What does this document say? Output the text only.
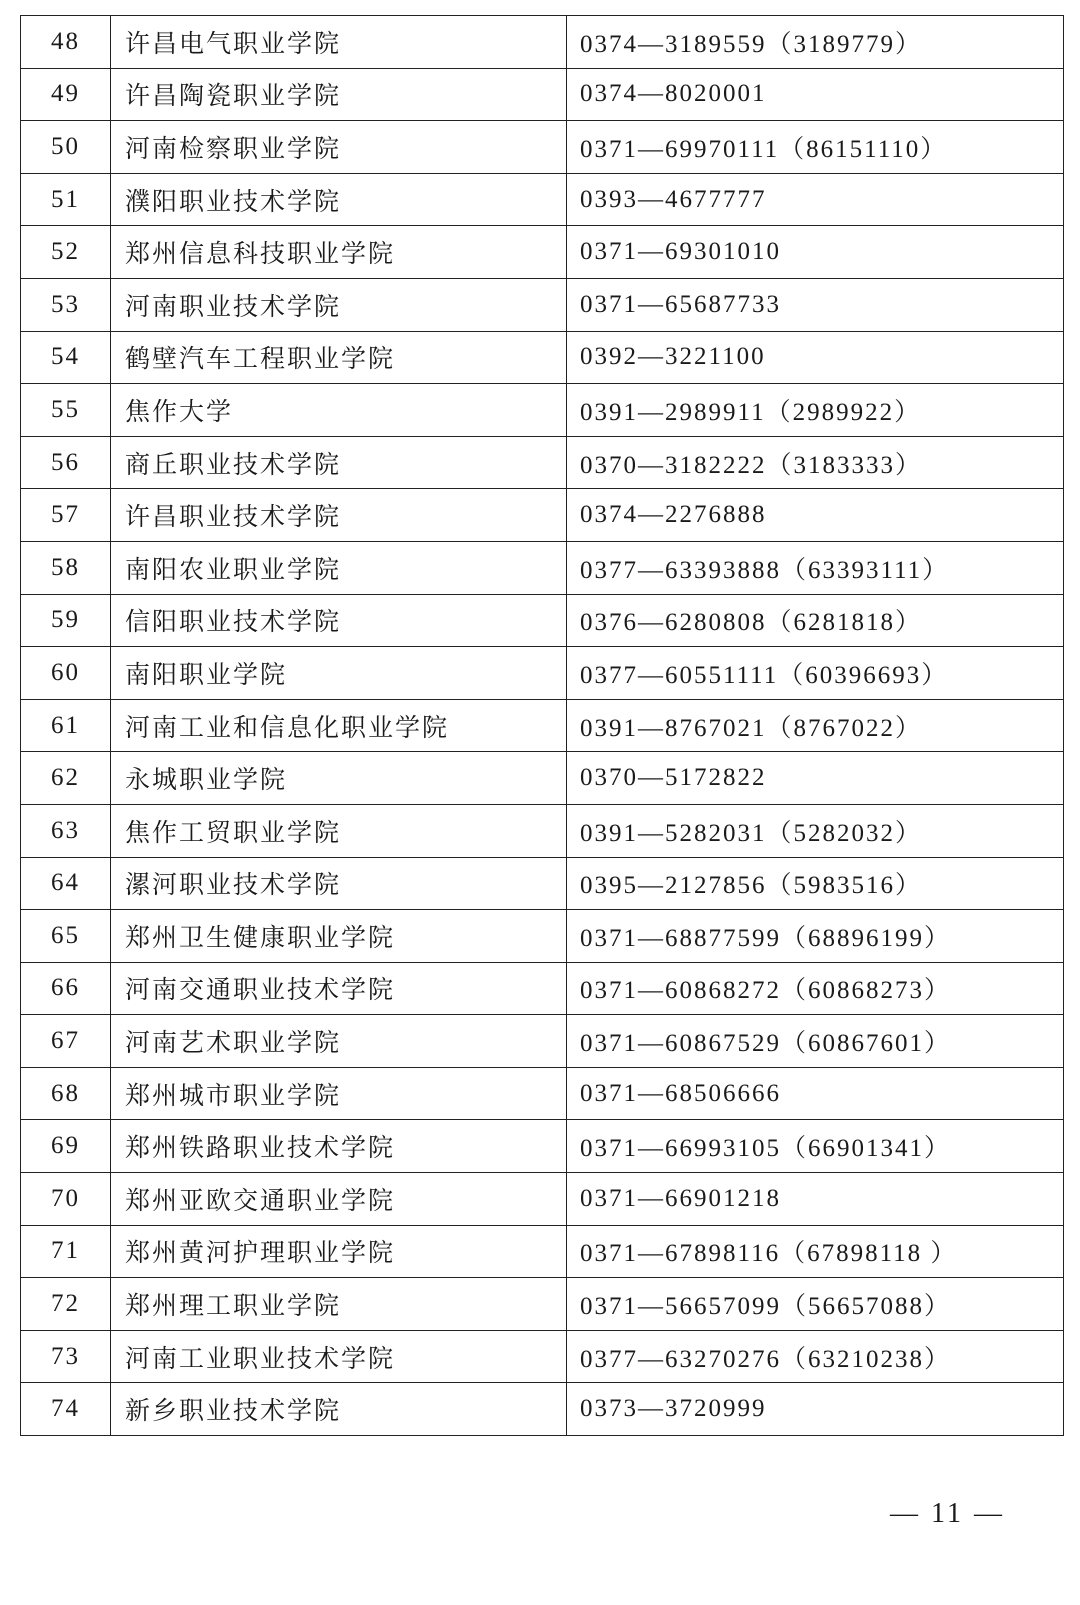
48	许昌电气职业学院	0374—3189559（3189779）
49	许昌陶瓷职业学院	0374—8020001
50	河南检察职业学院	0371—69970111（86151110）
51	濮阳职业技术学院	0393—4677777
52	郑州信息科技职业学院	0371—69301010
53	河南职业技术学院	0371—65687733
54	鹤壁汽车工程职业学院	0392—3221100
55	焦作大学	0391—2989911（2989922）
56	商丘职业技术学院	0370—3182222（3183333）
57	许昌职业技术学院	0374—2276888
58	南阳农业职业学院	0377—63393888（63393111）
59	信阳职业技术学院	0376—6280808（6281818）
60	南阳职业学院	0377—60551111（60396693）
61	河南工业和信息化职业学院	0391—8767021（8767022）
62	永城职业学院	0370—5172822
63	焦作工贸职业学院	0391—5282031（5282032）
64	漯河职业技术学院	0395—2127856（5983516）
65	郑州卫生健康职业学院	0371—68877599（68896199）
66	河南交通职业技术学院	0371—60868272（60868273）
67	河南艺术职业学院	0371—60867529（60867601）
68	郑州城市职业学院	0371—68506666
69	郑州铁路职业技术学院	0371—66993105（66901341）
70	郑州亚欧交通职业学院	0371—66901218
71	郑州黄河护理职业学院	0371—67898116（67898118 ）
72	郑州理工职业学院	0371—56657099（56657088）
73	河南工业职业技术学院	0377—63270276（63210238）
74	新乡职业技术学院	0373—3720999
— 11 —
